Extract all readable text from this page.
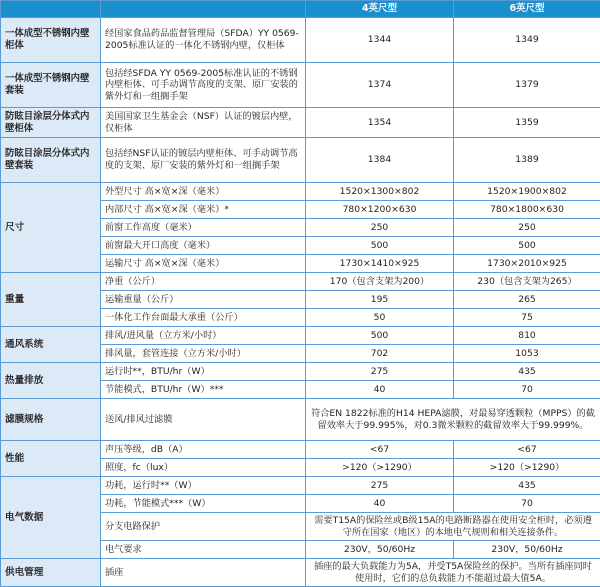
		4英尺型	6英尺型
一体成型不锈钢内壁柜体	经国家食品药品监督管理局（SFDA）YY 0569-2005标准认证的一体化不锈钢内壁，仅柜体	1344	1349
一体成型不锈钢内壁套装	包括经SFDA YY 0569-2005标准认证的不锈钢内壁柜体、可手动调节高度的支架、原厂安装的紫外灯和一组搁手架	1374	1379
防眩目涂层分体式内壁柜体	美国国家卫生基金会（NSF）认证的镀层内壁，仅柜体	1354	1359
防眩目涂层分体式内壁套装	包括经NSF认证的镀层内壁柜体、可手动调节高度的支架、原厂安装的紫外灯和一组搁手架	1384	1389
尺寸	外型尺寸 高×宽×深（毫米）	1520×1300×802	1520×1900×802
	内部尺寸 高×宽×深（毫米）*	780×1200×630	780×1800×630
	前窗工作高度（毫米）	250	250
	前窗最大开口高度（毫米）	500	500
	运输尺寸 高×宽×深（毫米）	1730×1410×925	1730×2010×925
重量	净重（公斤）	170（包含支架为200）	230（包含支架为265）
	运输重量（公斤）	195	265
	一体化工作台面最大承重（公斤）	50	75
通风系统	排风/进风量（立方米/小时）	500	810
	排风量，套管连接（立方米/小时）	702	1053
热量排放	运行时**，BTU/hr（W）	275	435
	节能模式，BTU/hr（W）***	40	70
滤膜规格	送风/排风过滤膜	符合EN 1822标准的H14 HEPA滤膜，对最易穿透颗粒（MPPS）的截留效率大于99.995%，对0.3微米颗粒的截留效率大于99.999%。	
性能	声压等级，dB（A）	<67	<67
	照度，fc（lux）	>120（>1290）	>120（>1290）
电气数据	功耗，运行时**（W）	275	435
	功耗，节能模式***（W）	40	70
	分支电路保护	需要T15A的保险丝或B级15A的电路断路器在使用安全柜时，必须遵守所在国家（地区）的本地电气规则和相关连接条件。	
	电气要求	230V，50/60Hz	230V，50/60Hz
供电管理	插座	插座的最大负载能力为5A，并受T5A保险丝的保护。当所有插座同时使用时，它们的总负载能力不能超过最大值5A。	
